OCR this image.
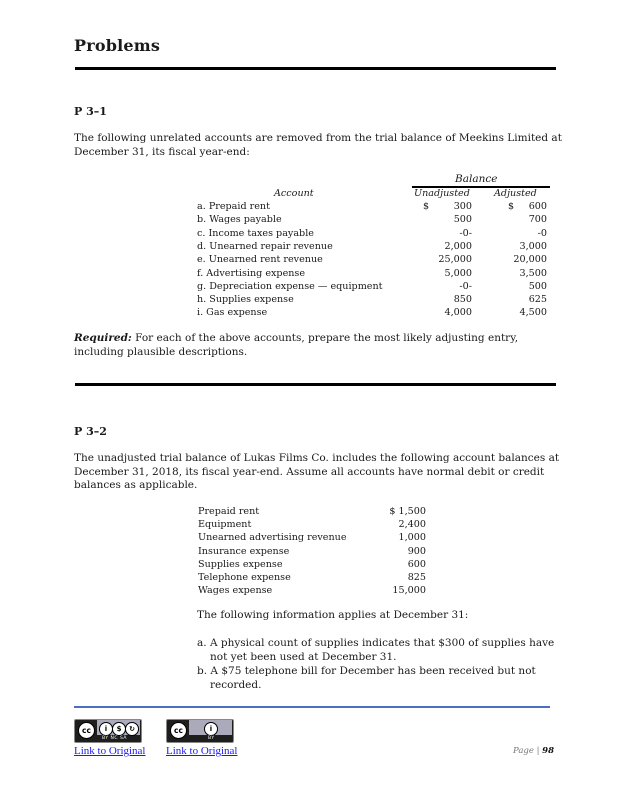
Problems
P 3–1
The following unrelated accounts are removed from the trial balance of Meekins Limited at December 31, its fiscal year-end:
Balance
Account	Unadjusted	Adjusted
a. Prepaid rent	$	300	$ 600
b. Wages payable	500	700
c. Income taxes payable	-0-	-0
d. Unearned repair revenue	2,000	3,000
e. Unearned rent revenue	25,000	20,000
f. Advertising expense	5,000	3,500
g. Depreciation expense — equipment	-0-	500
h. Supplies expense	850	625
i. Gas expense	4,000	4,500
Required: For each of the above accounts, prepare the most likely adjusting entry, including plausible descriptions.
P 3–2
The unadjusted trial balance of Lukas Films Co. includes the following account balances at December 31, 2018, its fiscal year-end. Assume all accounts have normal debit or credit balances as applicable.
Prepaid rent	$ 1,500
Equipment	2,400
Unearned advertising revenue	1,000
Insurance expense	900
Supplies expense	600
Telephone expense	825
Wages expense	15,000
The following information applies at December 31:
a. A physical count of supplies indicates that $300 of supplies have not yet been used at December 31.
b. A $75 telephone bill for December has been received but not recorded.
cc	i	$	↻
BY NC SA
cc	i
BY
Link to Original Link to Original	Page | 98
